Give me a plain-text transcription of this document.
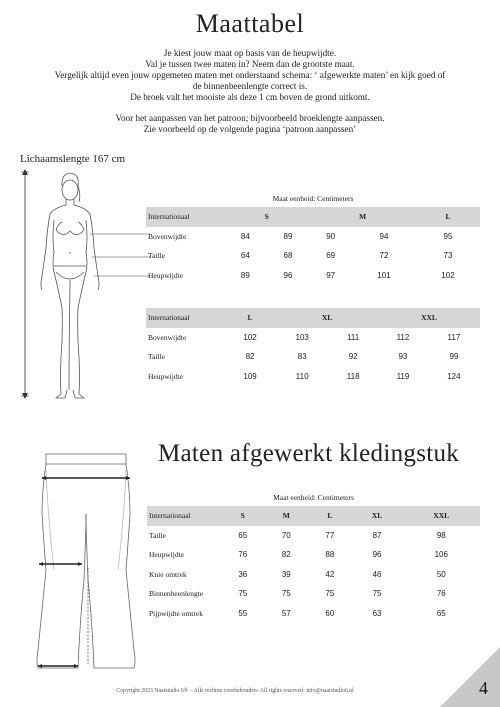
Maattabel

Je kiest jouw maat op basis van de heupwijdte.

Val je tussen twee maten in? Neem dan de grootste maat.

Vergelijk altijd even jouw opgemeten maten met onderstaand schema: ‘ afgewerkte maten’ en kijk goed of

de binnenbeenlengte correct is.

De broek valt het mooiste als deze 1 cm boven de grond uitkomt.

Voor het aanpassen van het patroon; bijvoorbeeld broeklengte aanpassen.

Zie voorbeeld op de volgende pagina ‘patroon aanpassen’

Lichaamslengte 167 cm
Maat eenheid: Centimeters					
Internationaal	S		M		L
Bovenwijdte	84	89	90	94	95
Taille	64	68	69	72	73
Heupwijdte	89	96	97	101	102
Internationaal	L	XL		XXL	
Bovenwijdte	102	103	111	112	117
Taille	82	83	92	93	99
Heupwijdte	109	110	118	119	124
Maten afgewerkt kledingstuk
Maat eenheid: Centimeters					
Internationaal	S	M	L	XL	XXL
Taille	65	70	77	87	98
Heupwijdte	76	82	88	96	106
Knie omtrek	36	39	42	46	50
Binnenbeenlengte	75	75	75	75	76
Pijpwijdte omtrek	55	57	60	63	65
Copyright 2023 Naaistudio 6® – Alle rechten voorbehouden- All rights reserved- info@naaistudio6.nl	4
